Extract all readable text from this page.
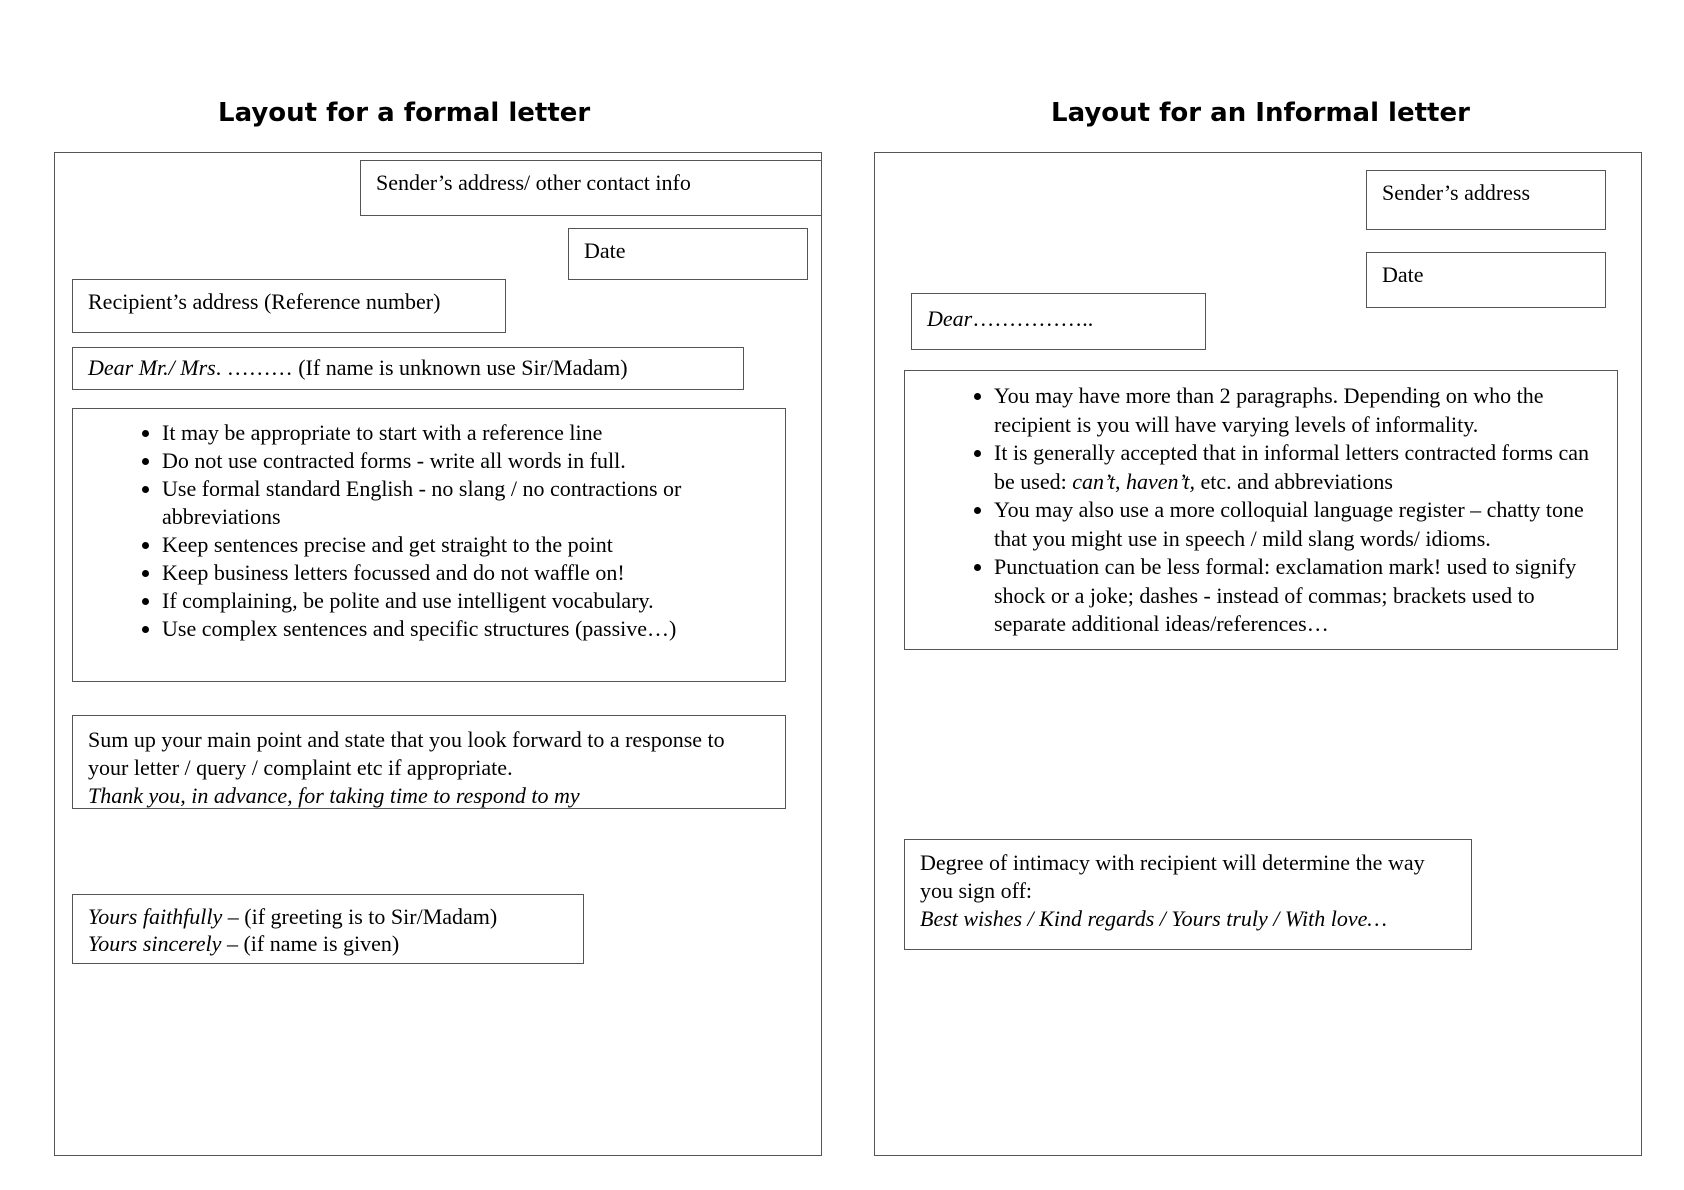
Layout for a formal letter

Sender’s address/ other contact info

Date

Recipient’s address (Reference number)

Dear Mr./ Mrs. ……… (If name is unknown use Sir/Madam)

• It may be appropriate to start with a reference line
• Do not use contracted forms - write all words in full.
• Use formal standard English - no slang / no contractions or abbreviations
• Keep sentences precise and get straight to the point
• Keep business letters focussed and do not waffle on!
• If complaining, be polite and use intelligent vocabulary.
• Use complex sentences and specific structures (passive…)

Sum up your main point and state that you look forward to a response to your letter / query / complaint etc if appropriate.

Thank you, in advance, for taking time to respond to my

Yours faithfully – (if greeting is to Sir/Madam)

Yours sincerely – (if name is given)

Layout for an Informal letter

Sender’s address

Date

Dear……………..

• You may have more than 2 paragraphs. Depending on who the recipient is you will have varying levels of informality.
• It is generally accepted that in informal letters contracted forms can be used: can’t, haven’t, etc. and abbreviations
• You may also use a more colloquial language register – chatty tone that you might use in speech / mild slang words/ idioms.
• Punctuation can be less formal: exclamation mark! used to signify shock or a joke; dashes - instead of commas; brackets used to separate additional ideas/references…

Degree of intimacy with recipient will determine the way you sign off:

Best wishes / Kind regards / Yours truly / With love…
